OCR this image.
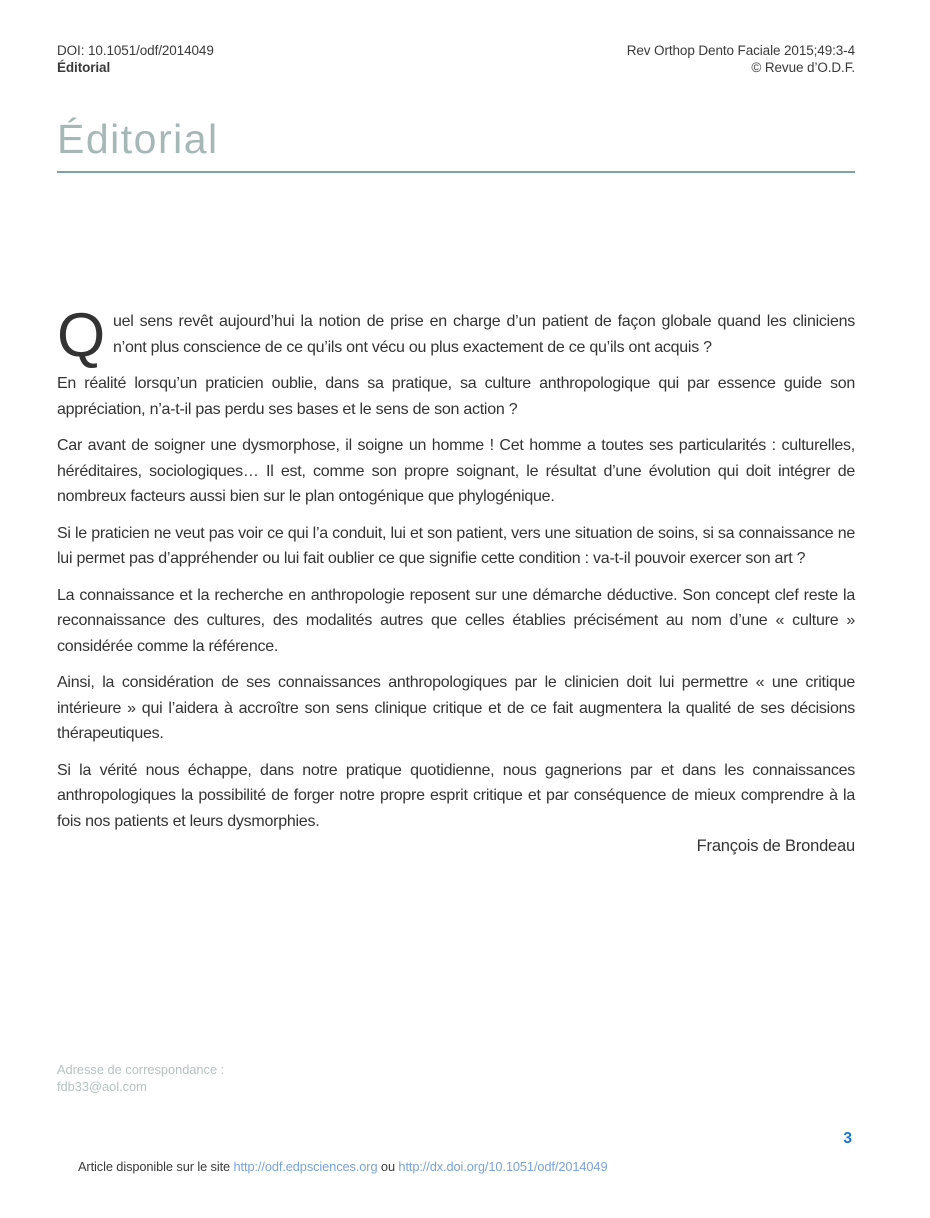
DOI: 10.1051/odf/2014049
Éditorial
Rev Orthop Dento Faciale 2015;49:3-4
© Revue d’O.D.F.
Éditorial

Quel sens revêt aujourd’hui la notion de prise en charge d’un patient de façon globale quand les cliniciens n’ont plus conscience de ce qu’ils ont vécu ou plus exactement de ce qu’ils ont acquis ?

En réalité lorsqu’un praticien oublie, dans sa pratique, sa culture anthropologique qui par essence guide son appréciation, n’a-t-il pas perdu ses bases et le sens de son action ?

Car avant de soigner une dysmorphose, il soigne un homme ! Cet homme a toutes ses particularités : culturelles, héréditaires, sociologiques… Il est, comme son propre soignant, le résultat d’une évolution qui doit intégrer de nombreux facteurs aussi bien sur le plan ontogénique que phylogénique.

Si le praticien ne veut pas voir ce qui l’a conduit, lui et son patient, vers une situation de soins, si sa connaissance ne lui permet pas d’appréhender ou lui fait oublier ce que signifie cette condition : va-t-il pouvoir exercer son art ?

La connaissance et la recherche en anthropologie reposent sur une démarche déductive. Son concept clef reste la reconnaissance des cultures, des modalités autres que celles établies précisément au nom d’une « culture » considérée comme la référence.

Ainsi, la considération de ses connaissances anthropologiques par le clinicien doit lui permettre « une critique intérieure » qui l’aidera à accroître son sens clinique critique et de ce fait augmentera la qualité de ses décisions thérapeutiques.

Si la vérité nous échappe, dans notre pratique quotidienne, nous gagnerions par et dans les connaissances anthropologiques la possibilité de forger notre propre esprit critique et par conséquence de mieux comprendre à la fois nos patients et leurs dysmorphies.

François de Brondeau
Adresse de correspondance :
fdb33@aol.com
3
Article disponible sur le site http://odf.edpsciences.org ou http://dx.doi.org/10.1051/odf/2014049
